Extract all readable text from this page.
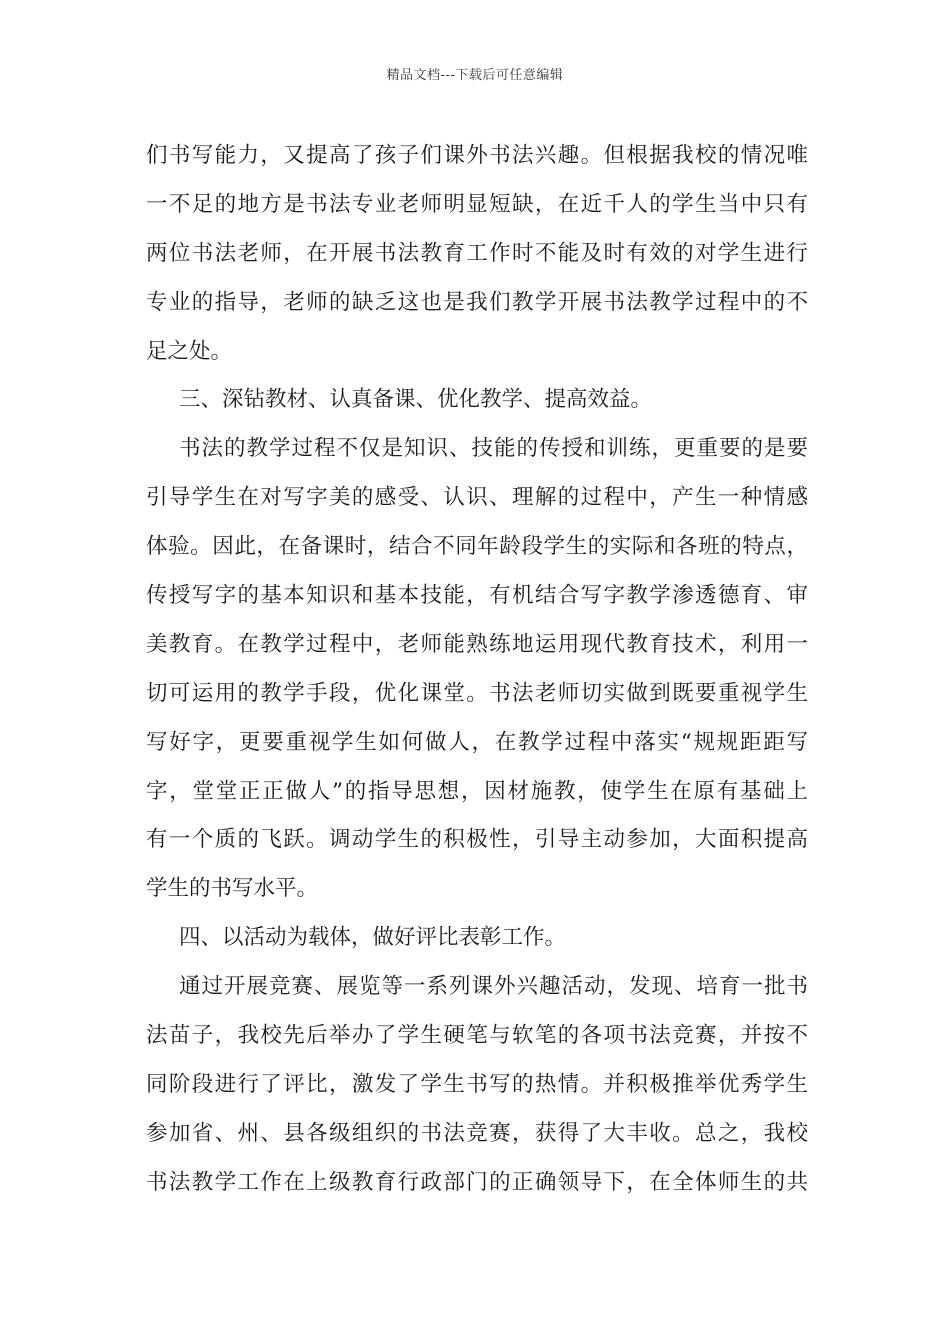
精品文档---下载后可任意编辑
们书写能力，又提高了孩子们课外书法兴趣。但根据我校的情况唯
一不足的地方是书法专业老师明显短缺，在近千人的学生当中只有
两位书法老师，在开展书法教育工作时不能及时有效的对学生进行
专业的指导，老师的缺乏这也是我们教学开展书法教学过程中的不
足之处。
三、深钻教材、认真备课、优化教学、提高效益。
书法的教学过程不仅是知识、技能的传授和训练，更重要的是要
引导学生在对写字美的感受、认识、理解的过程中，产生一种情感
体验。因此，在备课时，结合不同年龄段学生的实际和各班的特点，
传授写字的基本知识和基本技能，有机结合写字教学渗透德育、审
美教育。在教学过程中，老师能熟练地运用现代教育技术，利用一
切可运用的教学手段，优化课堂。书法老师切实做到既要重视学生
写好字，更要重视学生如何做人，在教学过程中落实“规规距距写
字，堂堂正正做人”的指导思想，因材施教，使学生在原有基础上
有一个质的飞跃。调动学生的积极性，引导主动参加，大面积提高
学生的书写水平。
四、以活动为载体，做好评比表彰工作。
通过开展竞赛、展览等一系列课外兴趣活动，发现、培育一批书
法苗子，我校先后举办了学生硬笔与软笔的各项书法竞赛，并按不
同阶段进行了评比，激发了学生书写的热情。并积极推举优秀学生
参加省、州、县各级组织的书法竞赛，获得了大丰收。总之，我校
书法教学工作在上级教育行政部门的正确领导下，在全体师生的共
